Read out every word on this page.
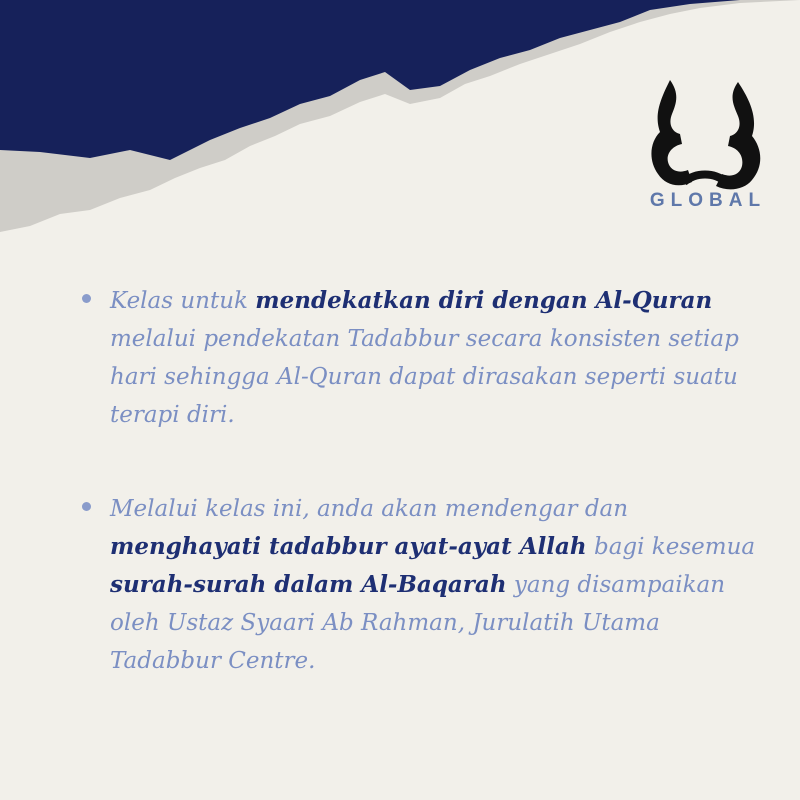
GLOBAL
Kelas untuk mendekatkan diri dengan Al-Quran melalui pendekatan Tadabbur secara konsisten setiap hari sehingga Al-Quran dapat dirasakan seperti suatu terapi diri.
Melalui kelas ini, anda akan mendengar dan menghayati tadabbur ayat-ayat Allah bagi kesemua surah-surah dalam Al-Baqarah yang disampaikan oleh Ustaz Syaari Ab Rahman, Jurulatih Utama Tadabbur Centre.
